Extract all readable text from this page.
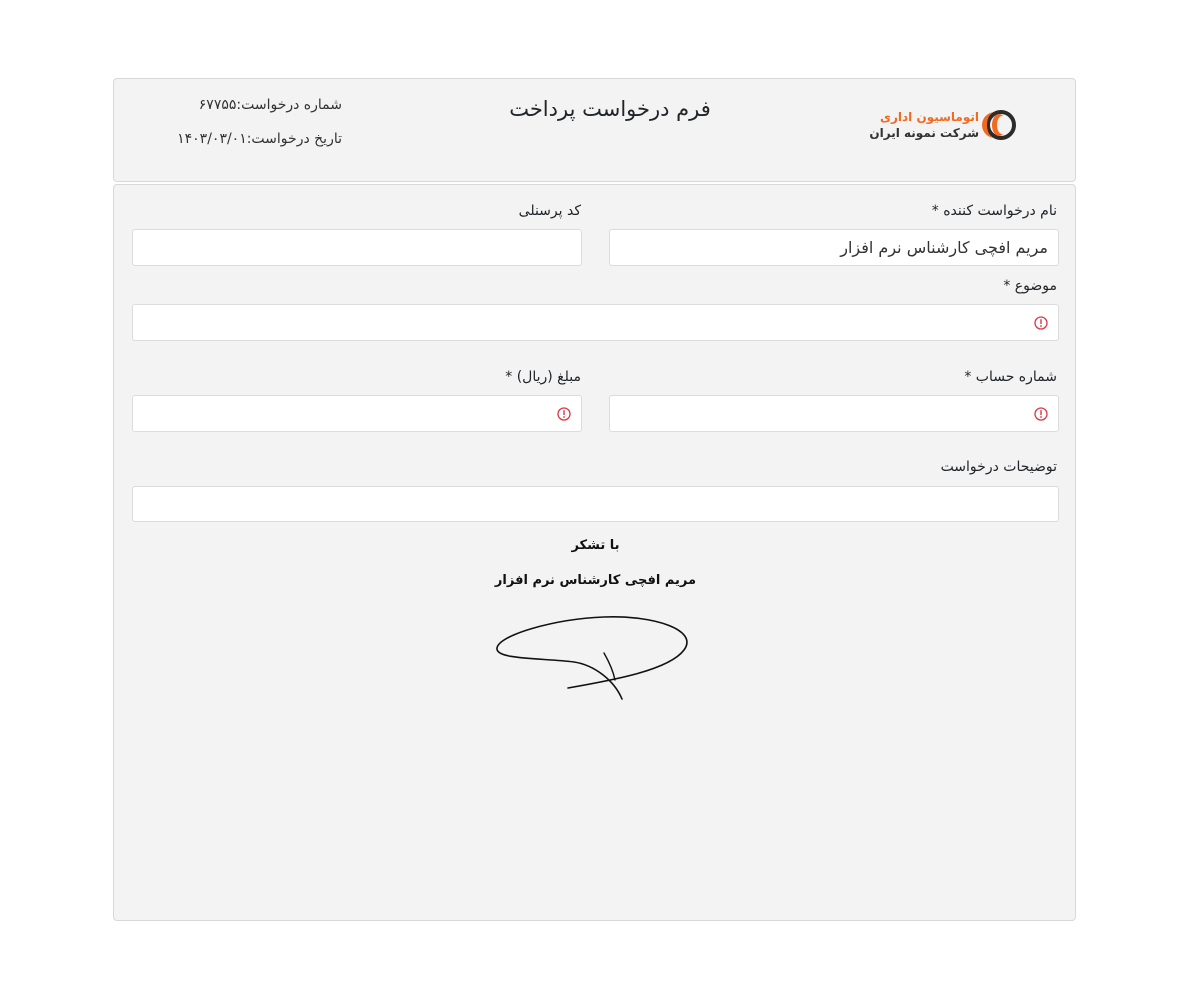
اتوماسیون اداری
شرکت نمونه ایران
فرم درخواست پرداخت
شماره درخواست:۶۷۷۵۵
تاریخ درخواست:۱۴۰۳/۰۳/۰۱
نام درخواست کننده *
مریم افچی کارشناس نرم افزار
کد پرسنلی
موضوع *
شماره حساب *
مبلغ (ریال) *
توضیحات درخواست
با تشکر
مریم افچی کارشناس نرم افزار
